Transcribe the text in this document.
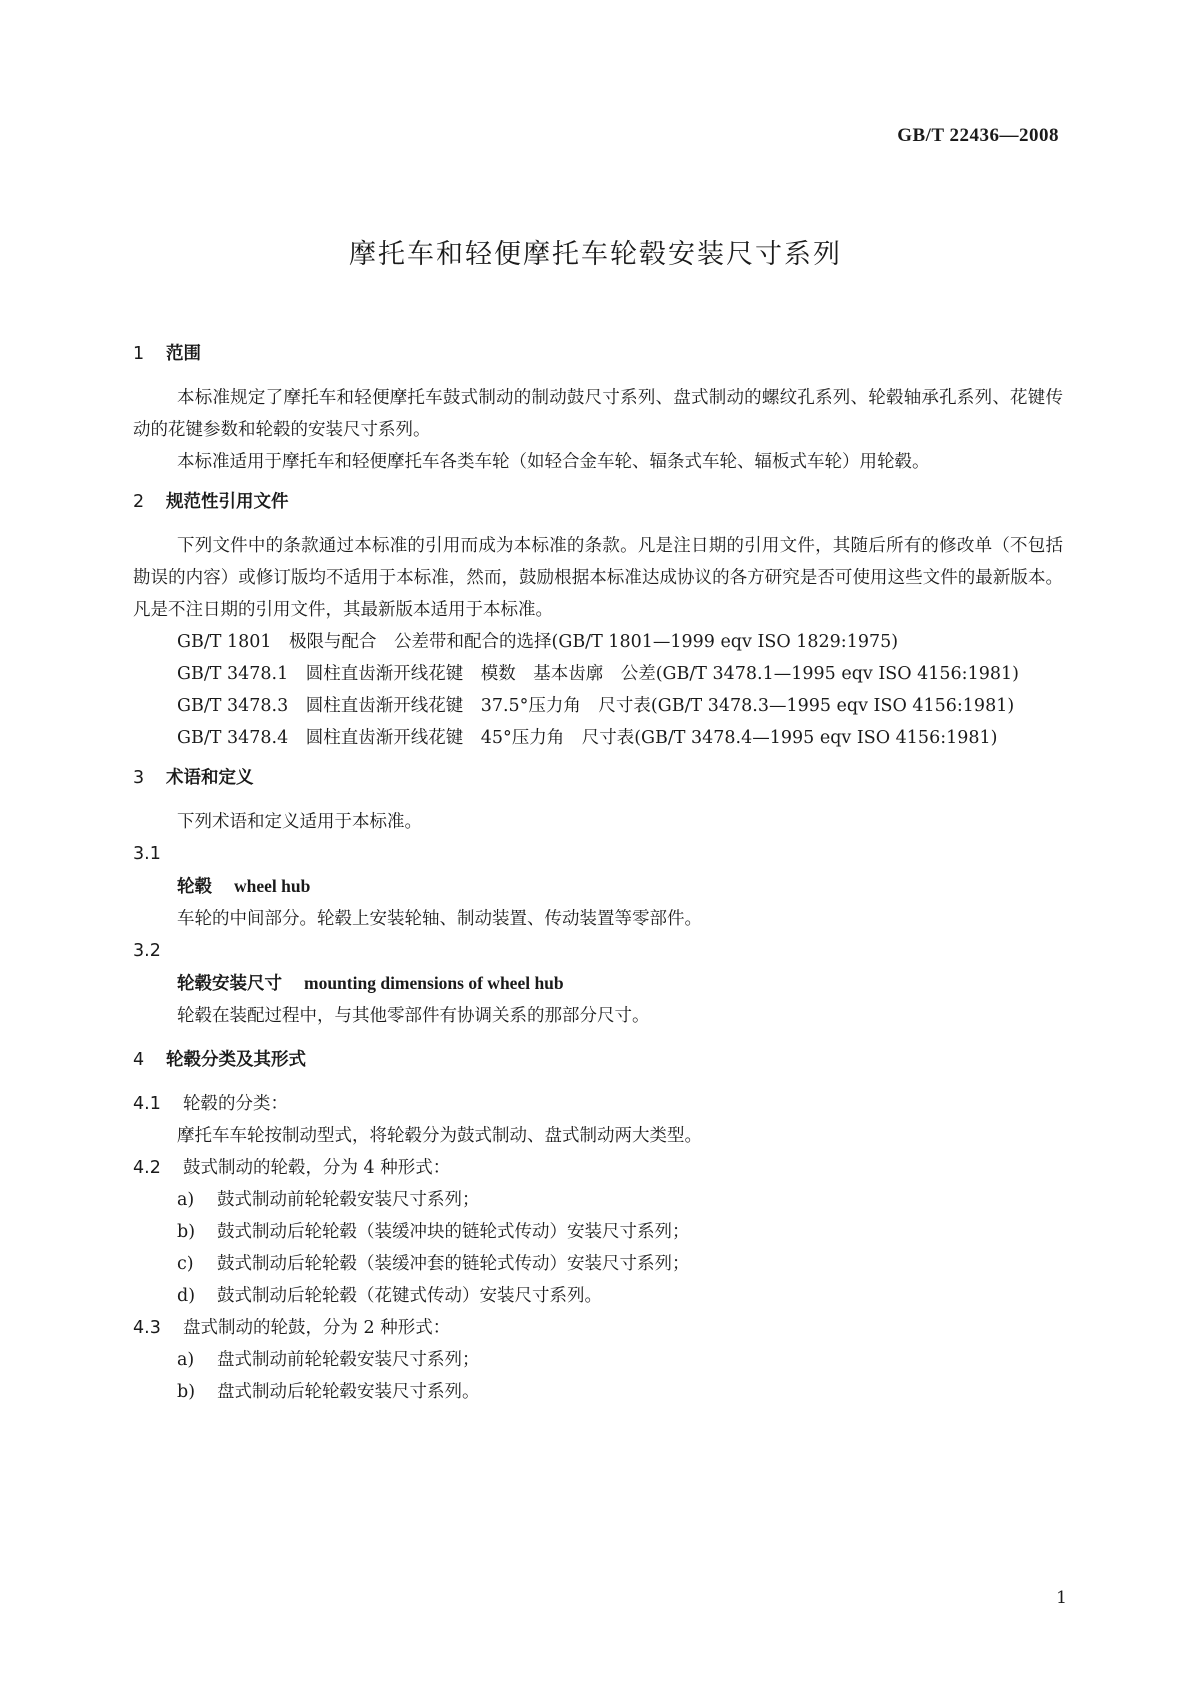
GB/T 22436—2008
摩托车和轻便摩托车轮毂安装尺寸系列
1 范围

本标准规定了摩托车和轻便摩托车鼓式制动的制动鼓尺寸系列、盘式制动的螺纹孔系列、轮毂轴承孔系列、花键传动的花键参数和轮毂的安装尺寸系列。

本标准适用于摩托车和轻便摩托车各类车轮（如轻合金车轮、辐条式车轮、辐板式车轮）用轮毂。

2 规范性引用文件

下列文件中的条款通过本标准的引用而成为本标准的条款。凡是注日期的引用文件，其随后所有的修改单（不包括勘误的内容）或修订版均不适用于本标准，然而，鼓励根据本标准达成协议的各方研究是否可使用这些文件的最新版本。凡是不注日期的引用文件，其最新版本适用于本标准。

GB/T 1801　极限与配合　公差带和配合的选择(GB/T 1801—1999 eqv ISO 1829:1975)

GB/T 3478.1　圆柱直齿渐开线花键　模数　基本齿廓　公差(GB/T 3478.1—1995 eqv ISO 4156:1981)

GB/T 3478.3　圆柱直齿渐开线花键　37.5°压力角　尺寸表(GB/T 3478.3—1995 eqv ISO 4156:1981)

GB/T 3478.4　圆柱直齿渐开线花键　45°压力角　尺寸表(GB/T 3478.4—1995 eqv ISO 4156:1981)

3 术语和定义

下列术语和定义适用于本标准。

3.1

轮毂 wheel hub

车轮的中间部分。轮毂上安装轮轴、制动装置、传动装置等零部件。

3.2

轮毂安装尺寸 mounting dimensions of wheel hub

轮毂在装配过程中，与其他零部件有协调关系的那部分尺寸。

4 轮毂分类及其形式

4.1 轮毂的分类：

摩托车车轮按制动型式，将轮毂分为鼓式制动、盘式制动两大类型。

4.2 鼓式制动的轮毂，分为 4 种形式：

a) 鼓式制动前轮轮毂安装尺寸系列；

b) 鼓式制动后轮轮毂（装缓冲块的链轮式传动）安装尺寸系列；

c) 鼓式制动后轮轮毂（装缓冲套的链轮式传动）安装尺寸系列；

d) 鼓式制动后轮轮毂（花键式传动）安装尺寸系列。

4.3 盘式制动的轮鼓，分为 2 种形式：

a) 盘式制动前轮轮毂安装尺寸系列；

b) 盘式制动后轮轮毂安装尺寸系列。

1
